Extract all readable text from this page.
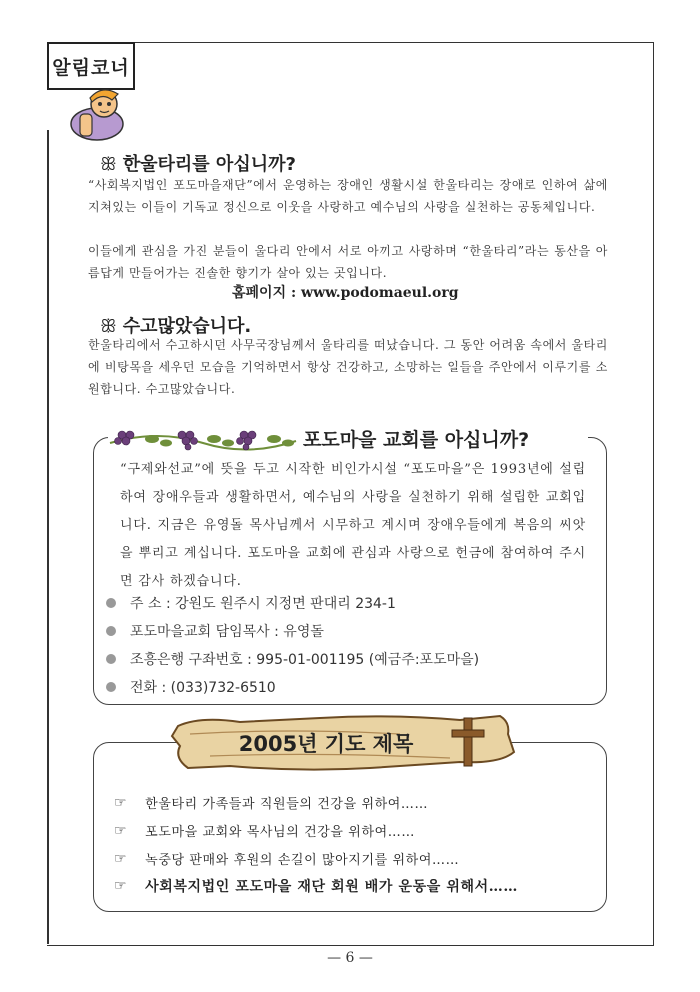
알림코너
ꕥ 한울타리를 아십니까?

“사회복지법인 포도마을재단”에서 운영하는 장애인 생활시설 한울타리는 장애로 인하여 삶에 지쳐있는 이들이 기독교 정신으로 이웃을 사랑하고 예수님의 사랑을 실천하는 공동체입니다.

이들에게 관심을 가진 분들이 울다리 안에서 서로 아끼고 사랑하며 “한울타리”라는 동산을 아름답게 만들어가는 진솔한 향기가 살아 있는 곳입니다.

홈페이지 : www.podomaeul.org
ꕥ 수고많았습니다.

한울타리에서 수고하시던 사무국장님께서 울타리를 떠났습니다. 그 동안 어려움 속에서 울타리에 비탕목을 세우던 모습을 기억하면서 항상 건강하고, 소망하는 일들을 주안에서 이루기를 소원합니다. 수고많았습니다.

포도마을 교회를 아십니까?

“구제와선교”에 뜻을 두고 시작한 비인가시설 “포도마을”은 1993년에 설립하여 장애우들과 생활하면서, 예수님의 사랑을 실천하기 위해 설립한 교회입니다. 지금은 유영돌 목사님께서 시무하고 계시며 장애우들에게 복음의 씨앗을 뿌리고 계십니다. 포도마을 교회에 관심과 사랑으로 헌금에 참여하여 주시면 감사 하겠습니다.

주 소 : 강원도 원주시 지정면 판대리 234-1
포도마을교회 담임목사 : 유영돌
조흥은행 구좌번호 : 995-01-001195 (예금주:포도마을)
전화 : (033)732-6510
2005년 기도 제목
☞ 한울타리 가족들과 직원들의 건강을 위하여……
☞ 포도마을 교회와 목사님의 건강을 위하여……
☞ 녹중당 판매와 후원의 손길이 많아지기를 위하여……
☞ 사회복지법인 포도마을 재단 회원 배가 운동을 위해서……
— 6 —
